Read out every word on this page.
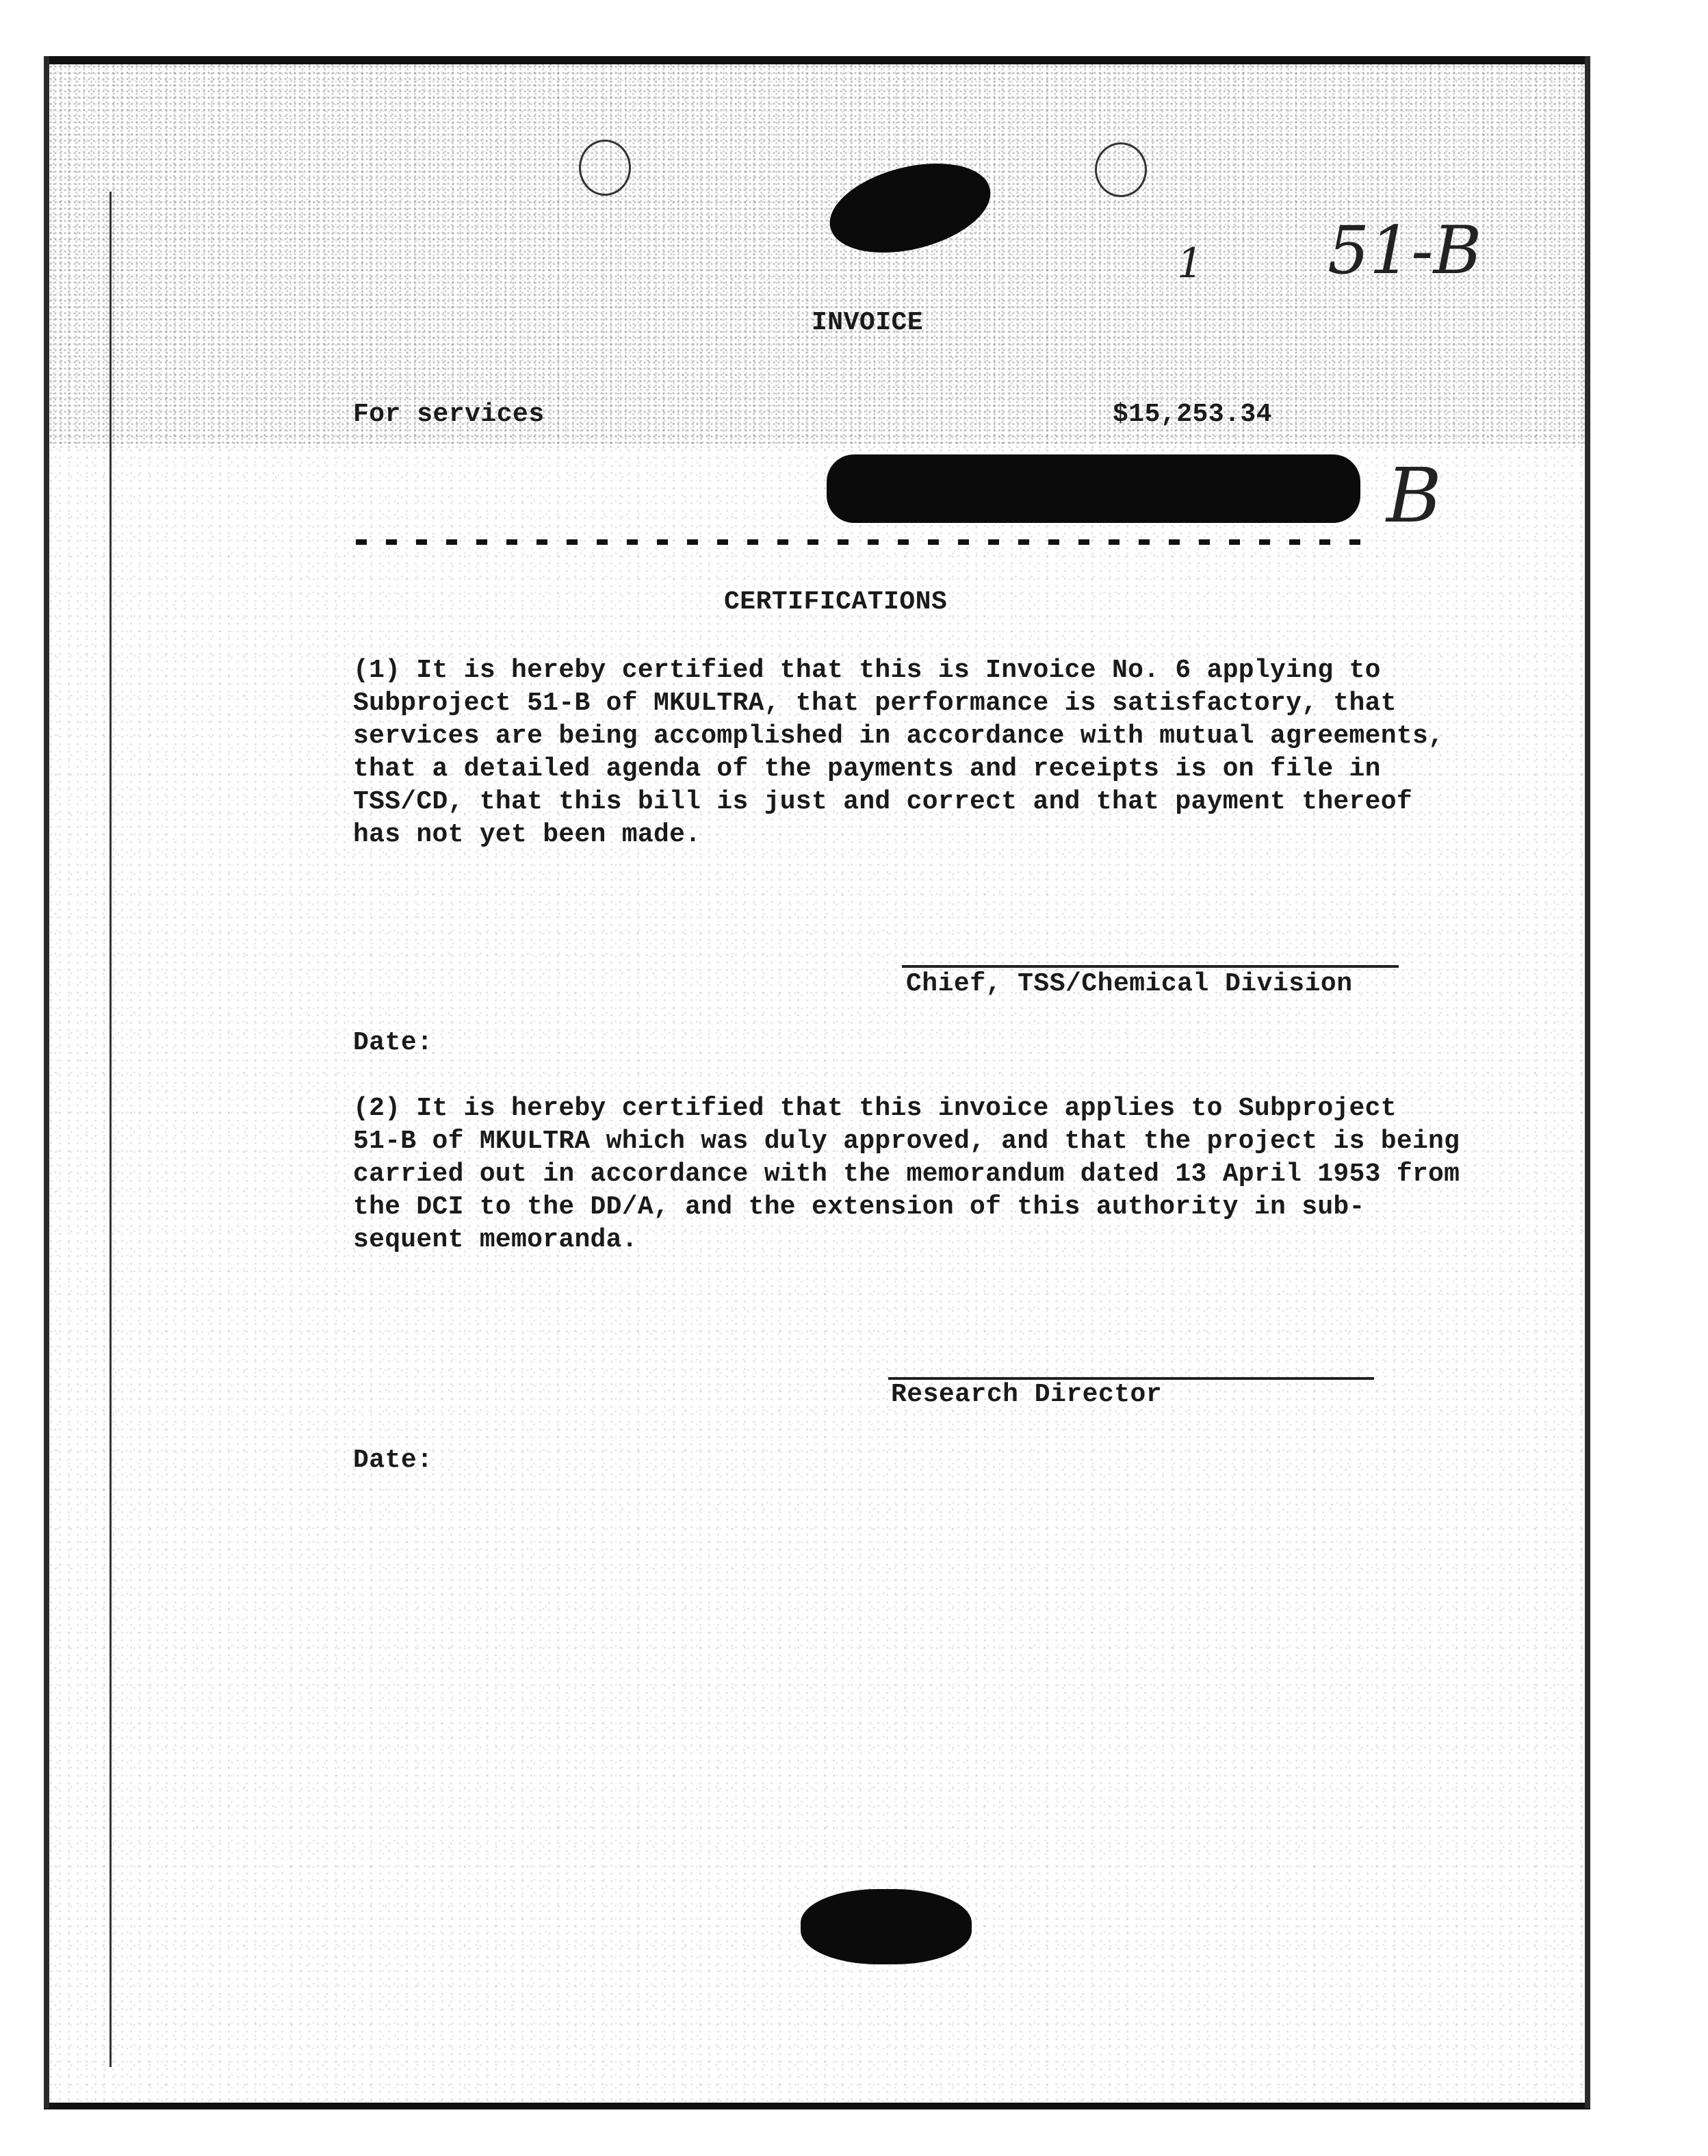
51-B
1
INVOICE
For services	$15,253.34
B
CERTIFICATIONS
(1) It is hereby certified that this is Invoice No. 6 applying to
Subproject 51-B of MKULTRA, that performance is satisfactory, that
services are being accomplished in accordance with mutual agreements,
that a detailed agenda of the payments and receipts is on file in
TSS/CD, that this bill is just and correct and that payment thereof
has not yet been made.
Chief, TSS/Chemical Division
Date:
(2) It is hereby certified that this invoice applies to Subproject
51-B of MKULTRA which was duly approved, and that the project is being
carried out in accordance with the memorandum dated 13 April 1953 from
the DCI to the DD/A, and the extension of this authority in sub-
sequent memoranda.
Research Director
Date:
